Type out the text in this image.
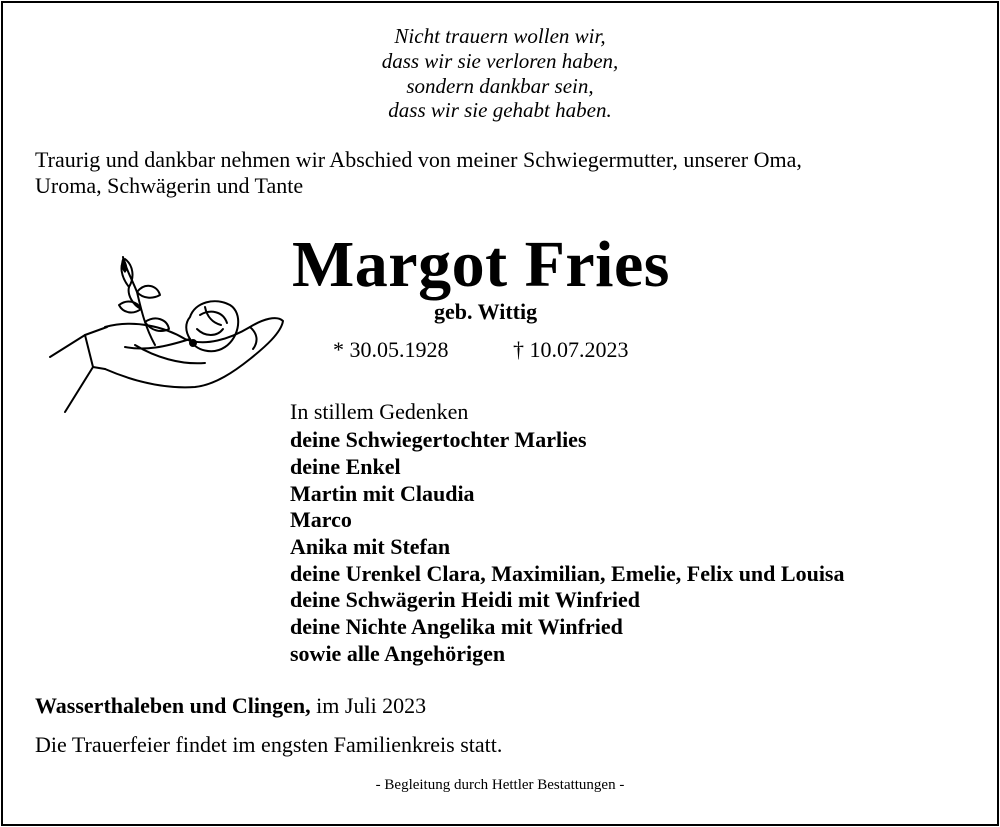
Nicht trauern wollen wir,
dass wir sie verloren haben,
sondern dankbar sein,
dass wir sie gehabt haben.
Traurig und dankbar nehmen wir Abschied von meiner Schwiegermutter, unserer Oma,
Uroma, Schwägerin und Tante
Margot Fries
geb. Wittig
* 30.05.1928	† 10.07.2023
In stillem Gedenken
deine Schwiegertochter Marlies
deine Enkel
Martin mit Claudia
Marco
Anika mit Stefan
deine Urenkel Clara, Maximilian, Emelie, Felix und Louisa
deine Schwägerin Heidi mit Winfried
deine Nichte Angelika mit Winfried
sowie alle Angehörigen
Wasserthaleben und Clingen, im Juli 2023
Die Trauerfeier findet im engsten Familienkreis statt.
- Begleitung durch Hettler Bestattungen -
